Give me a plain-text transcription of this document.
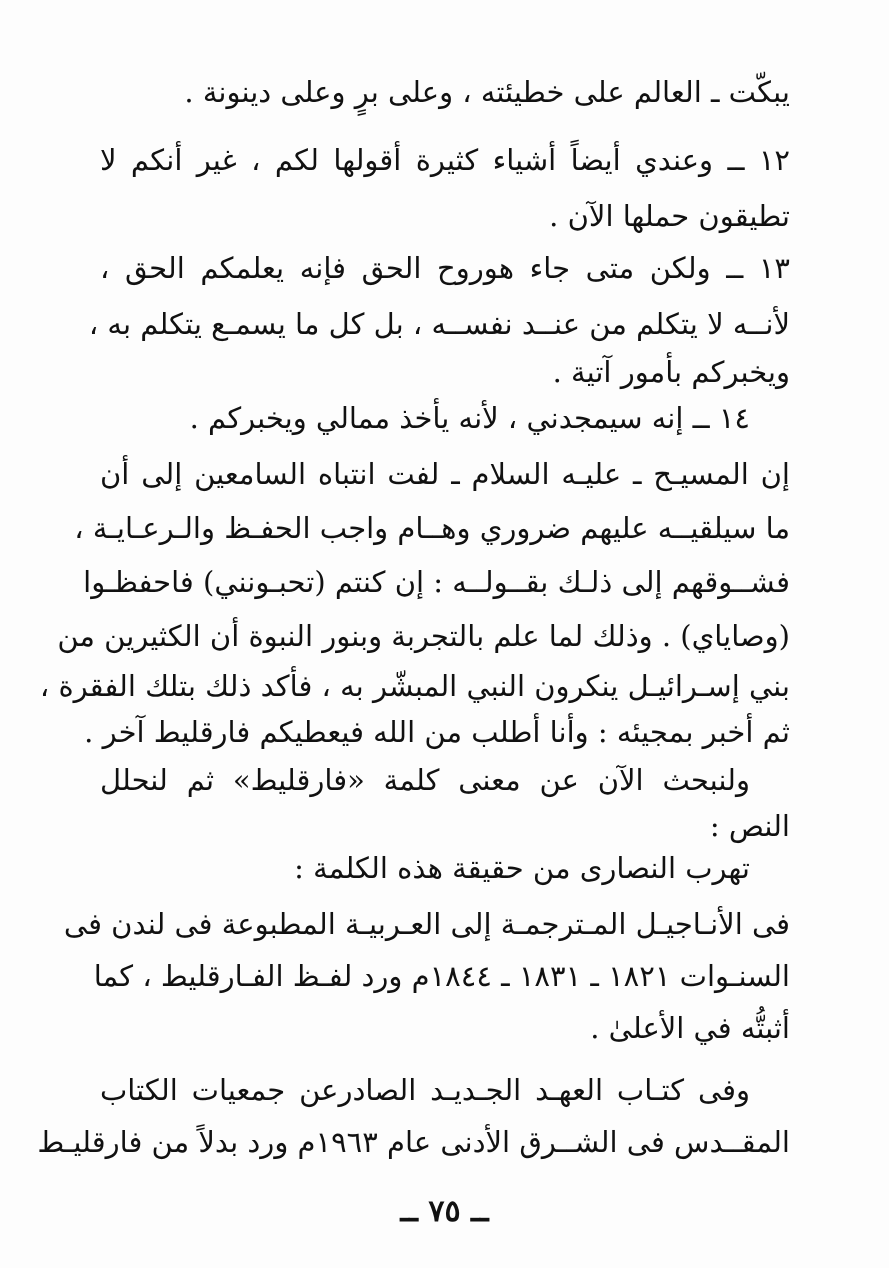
يبكّت ـ العالم على خطيئته ، وعلى برٍ وعلى دينونة .
١٢ ــ وعندي أيضاً أشياء كثيرة أقولها لكم ، غير أنكم لا
تطيقون حملها الآن .
١٣ ــ ولكن متى جاء هوروح الحق فإنه يعلمكم الحق ،
لأنــه لا يتكلم من عنــد نفســه ، بل كل ما يسمـع يتكلم به ،
ويخبركم بأمور آتية .
١٤ ــ إنه سيمجدني ، لأنه يأخذ ممالي ويخبركم .
إن المسيـح ـ عليـه السلام ـ لفت انتباه السامعين إلى أن
ما سيلقيــه عليهم ضروري وهــام واجب الحفـظ والـرعـايـة ،
فشــوقهم إلى ذلـك بقــولــه : إن كنتم (تحبـونني) فاحفظـوا
(وصاياي) . وذلك لما علم بالتجربة وبنور النبوة أن الكثيرين من
بني إسـرائيـل ينكرون النبي المبشّر به ، فأكد ذلك بتلك الفقرة ،
ثم أخبر بمجيئه : وأنا أطلب من الله فيعطيكم فارقليط آخر .
ولنبحث الآن عن معنى كلمة «فارقليط» ثم لنحلل
النص :
تهرب النصارى من حقيقة هذه الكلمة :
فى الأنـاجيـل المـترجمـة إلى العـربيـة المطبوعة فى لندن فى
السنـوات ١٨٢١ ـ ١٨٣١ ـ ١٨٤٤م ورد لفـظ الفـارقليط ، كما
أثبتُّه في الأعلىٰ .
وفى كتـاب العهـد الجـديـد الصادرعن جمعيات الكتاب
المقــدس فى الشــرق الأدنى عام ١٩٦٣م ورد بدلاً من فارقليـط
ــ ٧٥ ــ
